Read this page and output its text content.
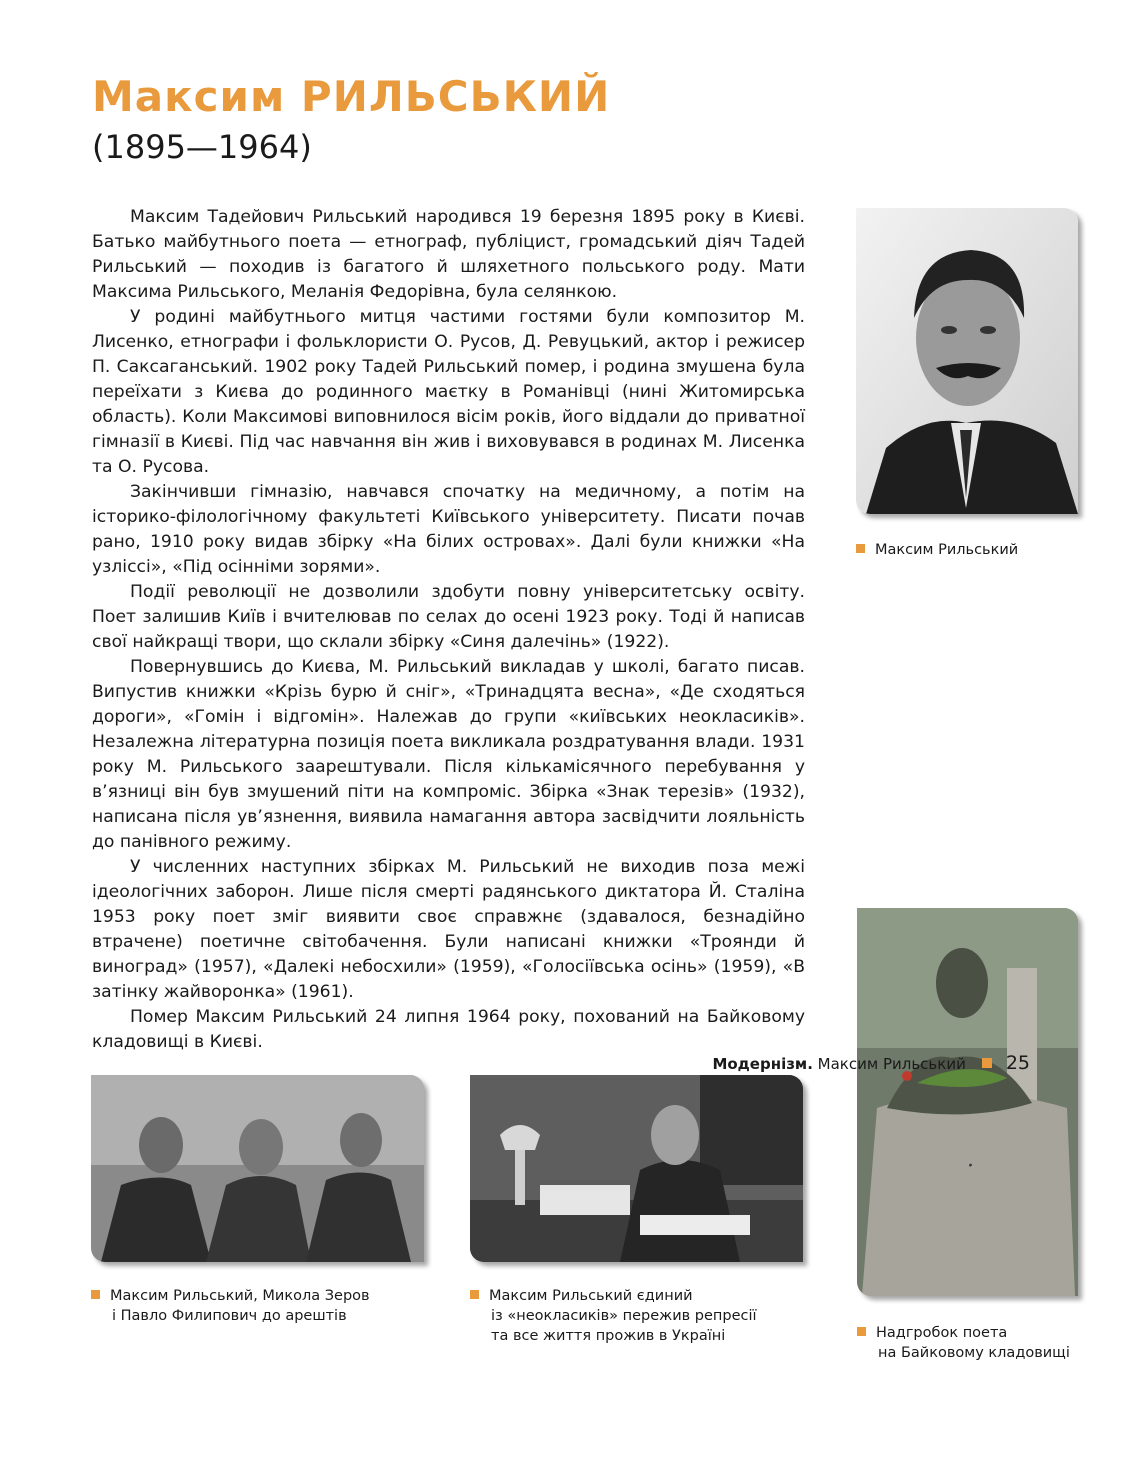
Максим РИЛЬСЬКИЙ
(1895—1964)

Максим Тадейович Рильський народився 19 березня 1895 року в Києві. Батько майбутнього поета — етнограф, публіцист, громадський діяч Тадей Рильський — походив із багатого й шляхетного польського роду. Мати Максима Рильського, Меланія Федорівна, була селянкою.

У родині майбутнього митця частими гостями були композитор М. Лисенко, етнографи і фольклористи О. Русов, Д. Ревуцький, актор і режисер П. Саксаганський. 1902 року Тадей Рильський помер, і родина змушена була переїхати з Києва до родинного маєтку в Романівці (нині Житомирська область). Коли Максимові виповнилося вісім років, його віддали до приватної гімназії в Києві. Під час навчання він жив і виховувався в родинах М. Лисенка та О. Русова.

Закінчивши гімназію, навчався спочатку на медичному, а потім на історико-філологічному факультеті Київського університету. Писати почав рано, 1910 року видав збірку «На білих островах». Далі були книжки «На узліссі», «Під осінніми зорями».

Події революції не дозволили здобути повну університетську освіту. Поет залишив Київ і вчителював по селах до осені 1923 року. Тоді й написав свої найкращі твори, що склали збірку «Синя далечінь» (1922).

Повернувшись до Києва, М. Рильський викладав у школі, багато писав. Випустив книжки «Крізь бурю й сніг», «Тринадцята весна», «Де сходяться дороги», «Гомін і відгомін». Належав до групи «київських неокласиків». Незалежна літературна позиція поета викликала роздратування влади. 1931 року М. Рильського заарештували. Після кількамісячного перебування у в’язниці він був змушений піти на компроміс. Збірка «Знак терезів» (1932), написана після ув’язнення, виявила намагання автора засвідчити лояльність до панівного режиму.

У численних наступних збірках М. Рильський не виходив поза межі ідеологічних заборон. Лише після смерті радянського диктатора Й. Сталіна 1953 року поет зміг виявити своє справжнє (здавалося, безнадійно втрачене) поетичне світобачення. Були написані книжки «Троянди й виноград» (1957), «Далекі небосхили» (1959), «Голосіївська осінь» (1959), «В затінку жайворонка» (1961).

Помер Максим Рильський 24 липня 1964 року, похований на Байковому кладовищі в Києві.

Максим Рильський
·
Надгробок поета
на Байковому кладовищі
Максим Рильський, Микола Зеров
і Павло Филипович до арештів
Максим Рильський єдиний
із «неокласиків» пережив репресії
та все життя прожив в Україні
Модернізм. Максим Рильський 25
